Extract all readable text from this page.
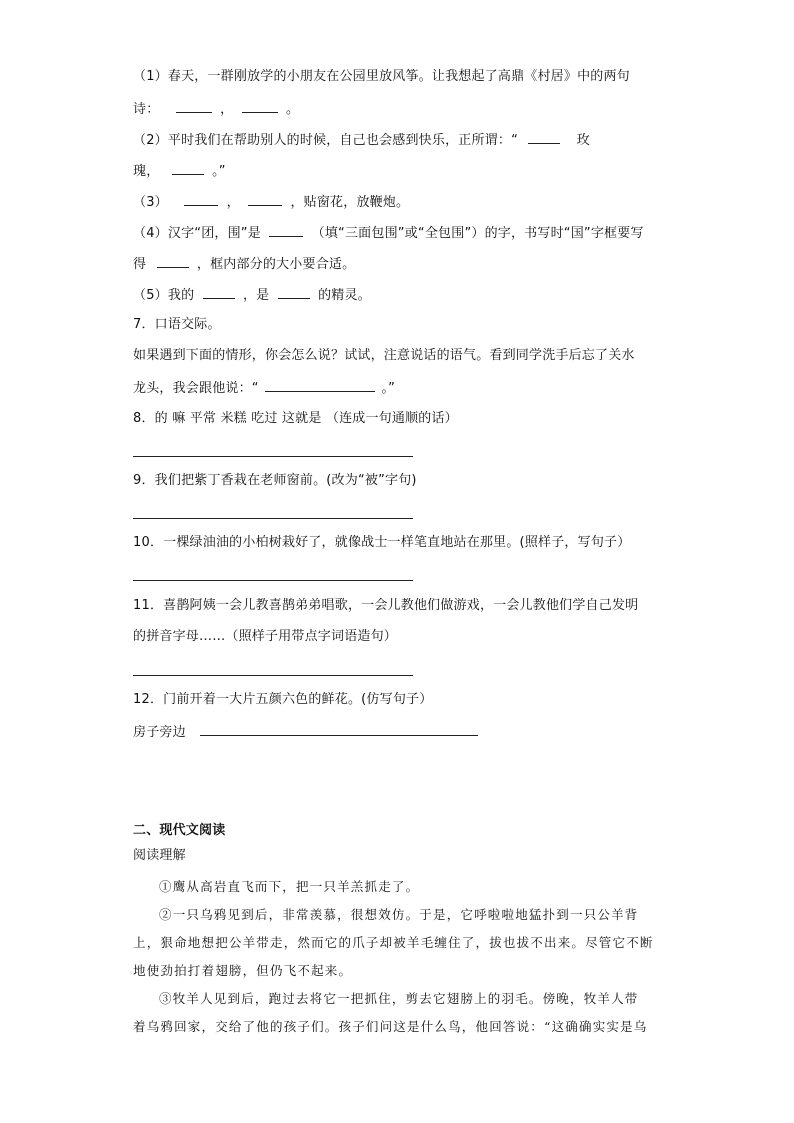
（1）春天，一群刚放学的小朋友在公园里放风筝。让我想起了高鼎《村居》中的两句
诗：	，	。
（2）平时我们在帮助别人的时候，自己也会感到快乐，正所谓：“	玫
瑰，	。”
（3）	，	，贴窗花，放鞭炮。
（4）汉字“团，围”是	（填“三面包围”或“全包围”）的字，书写时“国”字框要写
得	，框内部分的大小要合适。
（5）我的	，是	的精灵。
7．口语交际。
如果遇到下面的情形，你会怎么说？试试，注意说话的语气。看到同学洗手后忘了关水
龙头，我会跟他说：“	。”
8．的 嘛 平常 米糕 吃过 这就是 （连成一句通顺的话）
9．我们把紫丁香栽在老师窗前。(改为“被”字句)
10．一棵绿油油的小柏树栽好了，就像战士一样笔直地站在那里。(照样子，写句子）
11．喜鹊阿姨一会儿教喜鹊弟弟唱歌，一会儿教他们做游戏，一会儿教他们学自己发明
的拼音字母……（照样子用带点字词语造句）
12．门前开着一大片五颜六色的鲜花。(仿写句子）
房子旁边
二、现代文阅读
阅读理解
①鹰从高岩直飞而下，把一只羊羔抓走了。
②一只乌鸦见到后，非常羡慕，很想效仿。于是，它呼啦啦地猛扑到一只公羊背
上，狠命地想把公羊带走，然而它的爪子却被羊毛缠住了，拔也拔不出来。尽管它不断
地使劲拍打着翅膀，但仍飞不起来。
③牧羊人见到后，跑过去将它一把抓住，剪去它翅膀上的羽毛。傍晚，牧羊人带
着乌鸦回家，交给了他的孩子们。孩子们问这是什么鸟，他回答说：“这确确实实是乌
